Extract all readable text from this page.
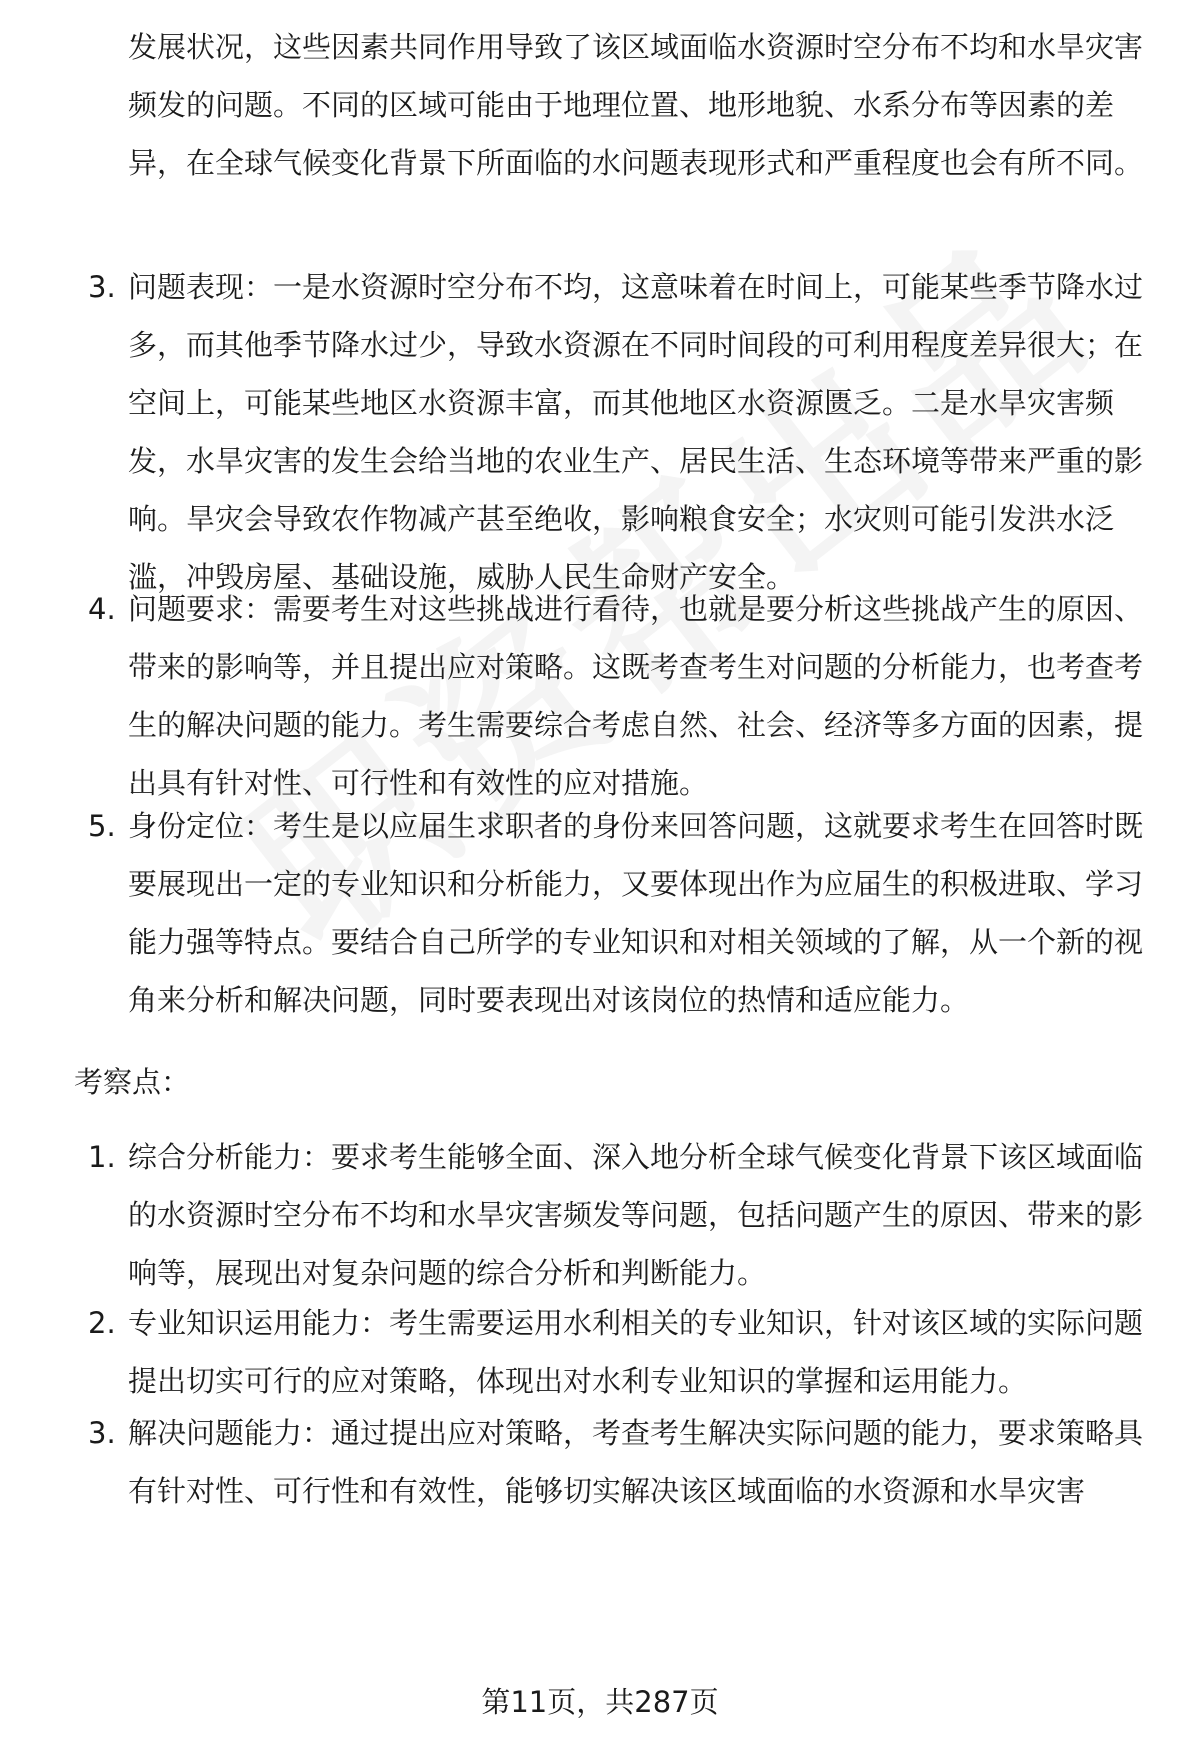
发展状况，这些因素共同作用导致了该区域面临水资源时空分布不均和水旱灾害频发的问题。不同的区域可能由于地理位置、地形地貌、水系分布等因素的差异，在全球气候变化背景下所面临的水问题表现形式和严重程度也会有所不同。

3. 问题表现：一是水资源时空分布不均，这意味着在时间上，可能某些季节降水过多，而其他季节降水过少，导致水资源在不同时间段的可利用程度差异很大；在空间上，可能某些地区水资源丰富，而其他地区水资源匮乏。二是水旱灾害频发，水旱灾害的发生会给当地的农业生产、居民生活、生态环境等带来严重的影响。旱灾会导致农作物减产甚至绝收，影响粮食安全；水灾则可能引发洪水泛滥，冲毁房屋、基础设施，威胁人民生命财产安全。
4. 问题要求：需要考生对这些挑战进行看待，也就是要分析这些挑战产生的原因、带来的影响等，并且提出应对策略。这既考查考生对问题的分析能力，也考查考生的解决问题的能力。考生需要综合考虑自然、社会、经济等多方面的因素，提出具有针对性、可行性和有效性的应对措施。
5. 身份定位：考生是以应届生求职者的身份来回答问题，这就要求考生在回答时既要展现出一定的专业知识和分析能力，又要体现出作为应届生的积极进取、学习能力强等特点。要结合自己所学的专业知识和对相关领域的了解，从一个新的视角来分析和解决问题，同时要表现出对该岗位的热情和适应能力。
考察点：
1. 综合分析能力：要求考生能够全面、深入地分析全球气候变化背景下该区域面临的水资源时空分布不均和水旱灾害频发等问题，包括问题产生的原因、带来的影响等，展现出对复杂问题的综合分析和判断能力。
2. 专业知识运用能力：考生需要运用水利相关的专业知识，针对该区域的实际问题提出切实可行的应对策略，体现出对水利专业知识的掌握和运用能力。
3. 解决问题能力：通过提出应对策略，考查考生解决实际问题的能力，要求策略具有针对性、可行性和有效性，能够切实解决该区域面临的水资源和水旱灾害
第11页，共287页
